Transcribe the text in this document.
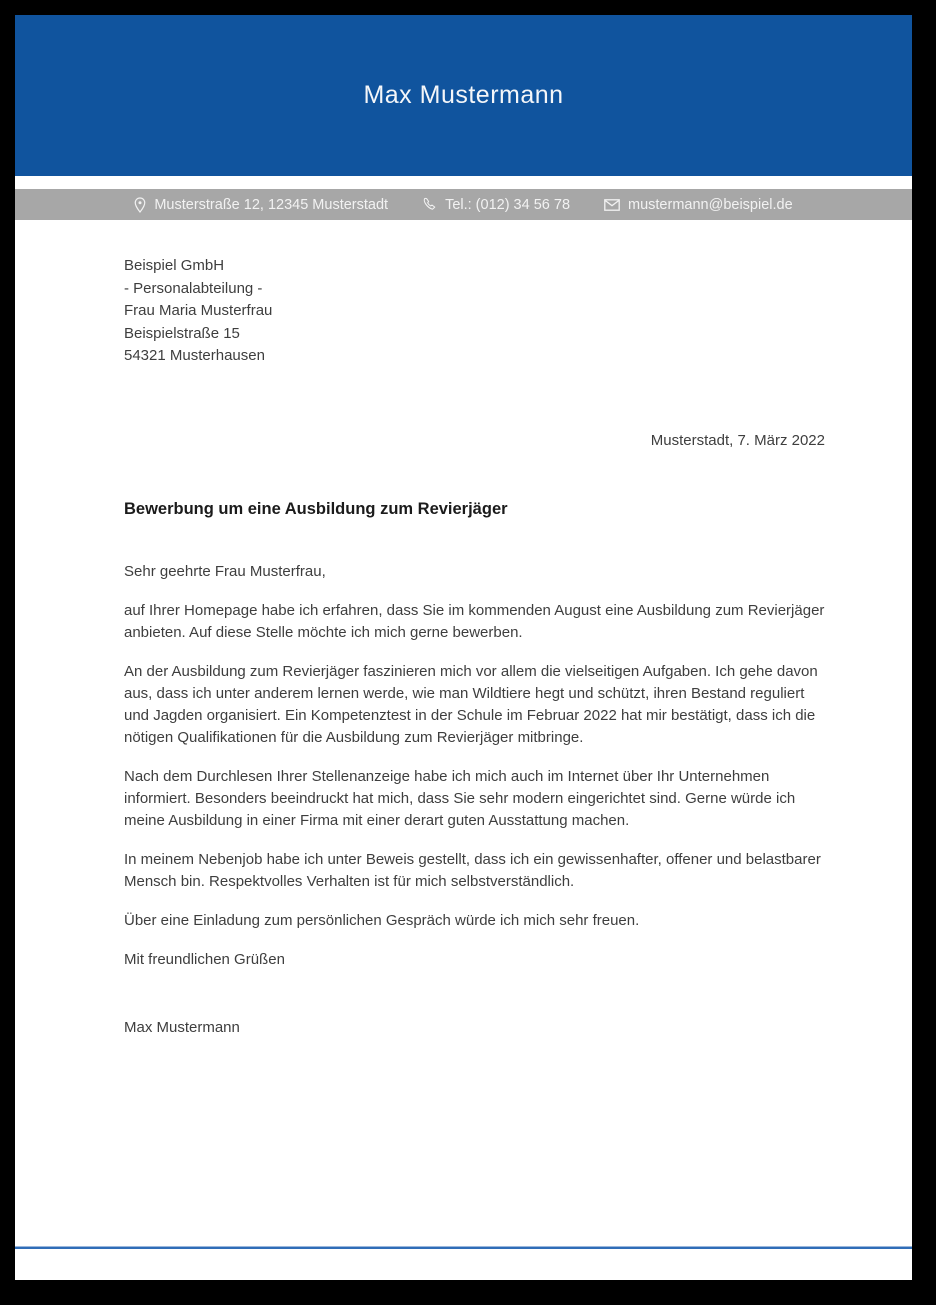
Max Mustermann
Musterstraße 12, 12345 Musterstadt	Tel.: (012) 34 56 78	mustermann@beispiel.de
Beispiel GmbH
- Personalabteilung -
Frau Maria Musterfrau
Beispielstraße 15
54321 Musterhausen
Musterstadt, 7. März 2022
Bewerbung um eine Ausbildung zum Revierjäger

Sehr geehrte Frau Musterfrau,

auf Ihrer Homepage habe ich erfahren, dass Sie im kommenden August eine Ausbildung zum Revierjäger anbieten. Auf diese Stelle möchte ich mich gerne bewerben.

An der Ausbildung zum Revierjäger faszinieren mich vor allem die vielseitigen Aufgaben. Ich gehe davon aus, dass ich unter anderem lernen werde, wie man Wildtiere hegt und schützt, ihren Bestand reguliert und Jagden organisiert. Ein Kompetenztest in der Schule im Februar 2022 hat mir bestätigt, dass ich die nötigen Qualifikationen für die Ausbildung zum Revierjäger mitbringe.

Nach dem Durchlesen Ihrer Stellenanzeige habe ich mich auch im Internet über Ihr Unternehmen informiert. Besonders beeindruckt hat mich, dass Sie sehr modern eingerichtet sind. Gerne würde ich meine Ausbildung in einer Firma mit einer derart guten Ausstattung machen.

In meinem Nebenjob habe ich unter Beweis gestellt, dass ich ein gewissenhafter, offener und belastbarer Mensch bin. Respektvolles Verhalten ist für mich selbstverständlich.

Über eine Einladung zum persönlichen Gespräch würde ich mich sehr freuen.

Mit freundlichen Grüßen

Max Mustermann
